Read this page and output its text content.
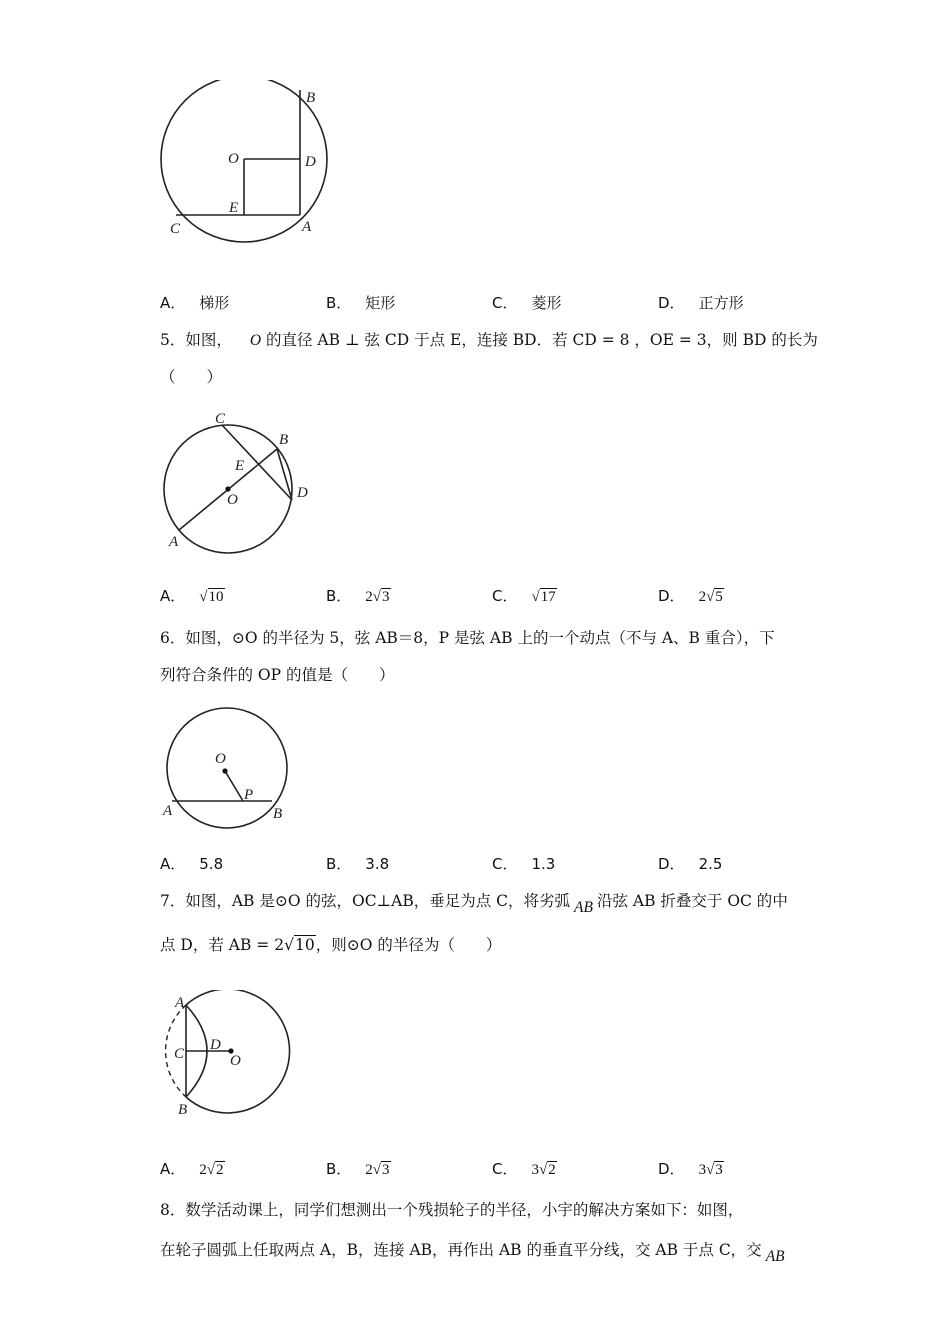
B
O	D
E
C	A
A． 梯形	B． 矩形	C． 菱形	D． 正方形
5．如图， O 的直径 AB ⊥ 弦 CD 于点 E，连接 BD．若 CD = 8 ，OE = 3，则 BD 的长为
（　　）
C
B
E
O	D
A
A． √10	B． 2√3	C． √17	D． 2√5
6．如图，⊙O 的半径为 5，弦 AB＝8，P 是弦 AB 上的一个动点（不与 A、B 重合），下
列符合条件的 OP 的值是（　　）
O
P
A	B
A． 5.8	B． 3.8	C． 1.3	D． 2.5
7．如图，AB 是⊙O 的弦，OC⊥AB，垂足为点 C，将劣弧 AB 沿弦 AB 折叠交于 OC 的中
点 D，若 AB = 2√10，则⊙O 的半径为（　　）
A
C
D
O
B
A． 2√2	B． 2√3	C． 3√2	D． 3√3
8．数学活动课上，同学们想测出一个残损轮子的半径，小宇的解决方案如下：如图，
在轮子圆弧上任取两点 A，B，连接 AB，再作出 AB 的垂直平分线，交 AB 于点 C，交 AB
